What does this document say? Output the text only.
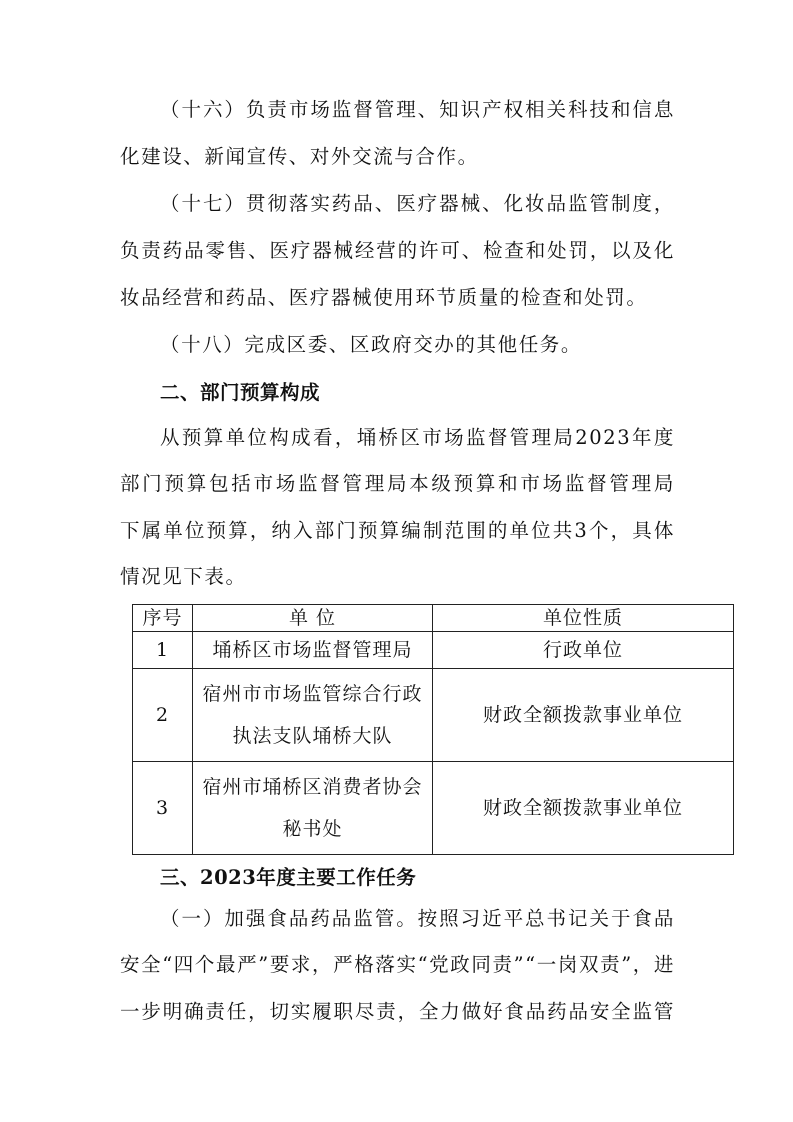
（十六）负责市场监督管理、知识产权相关科技和信息
化建设、新闻宣传、对外交流与合作。
（十七）贯彻落实药品、医疗器械、化妆品监管制度，
负责药品零售、医疗器械经营的许可、检查和处罚，以及化
妆品经营和药品、医疗器械使用环节质量的检查和处罚。
（十八）完成区委、区政府交办的其他任务。
二、部门预算构成
从预算单位构成看，埇桥区市场监督管理局2023年度
部门预算包括市场监督管理局本级预算和市场监督管理局
下属单位预算，纳入部门预算编制范围的单位共3个，具体
情况见下表。
序号	单 位	单位性质
1	埇桥区市场监督管理局	行政单位
2	宿州市市场监管综合行政执法支队埇桥大队	财政全额拨款事业单位
3	宿州市埇桥区消费者协会秘书处	财政全额拨款事业单位
三、2023年度主要工作任务
（一）加强食品药品监管。按照习近平总书记关于食品
安全“四个最严”要求，严格落实“党政同责”“一岗双责”，进
一步明确责任，切实履职尽责，全力做好食品药品安全监管
